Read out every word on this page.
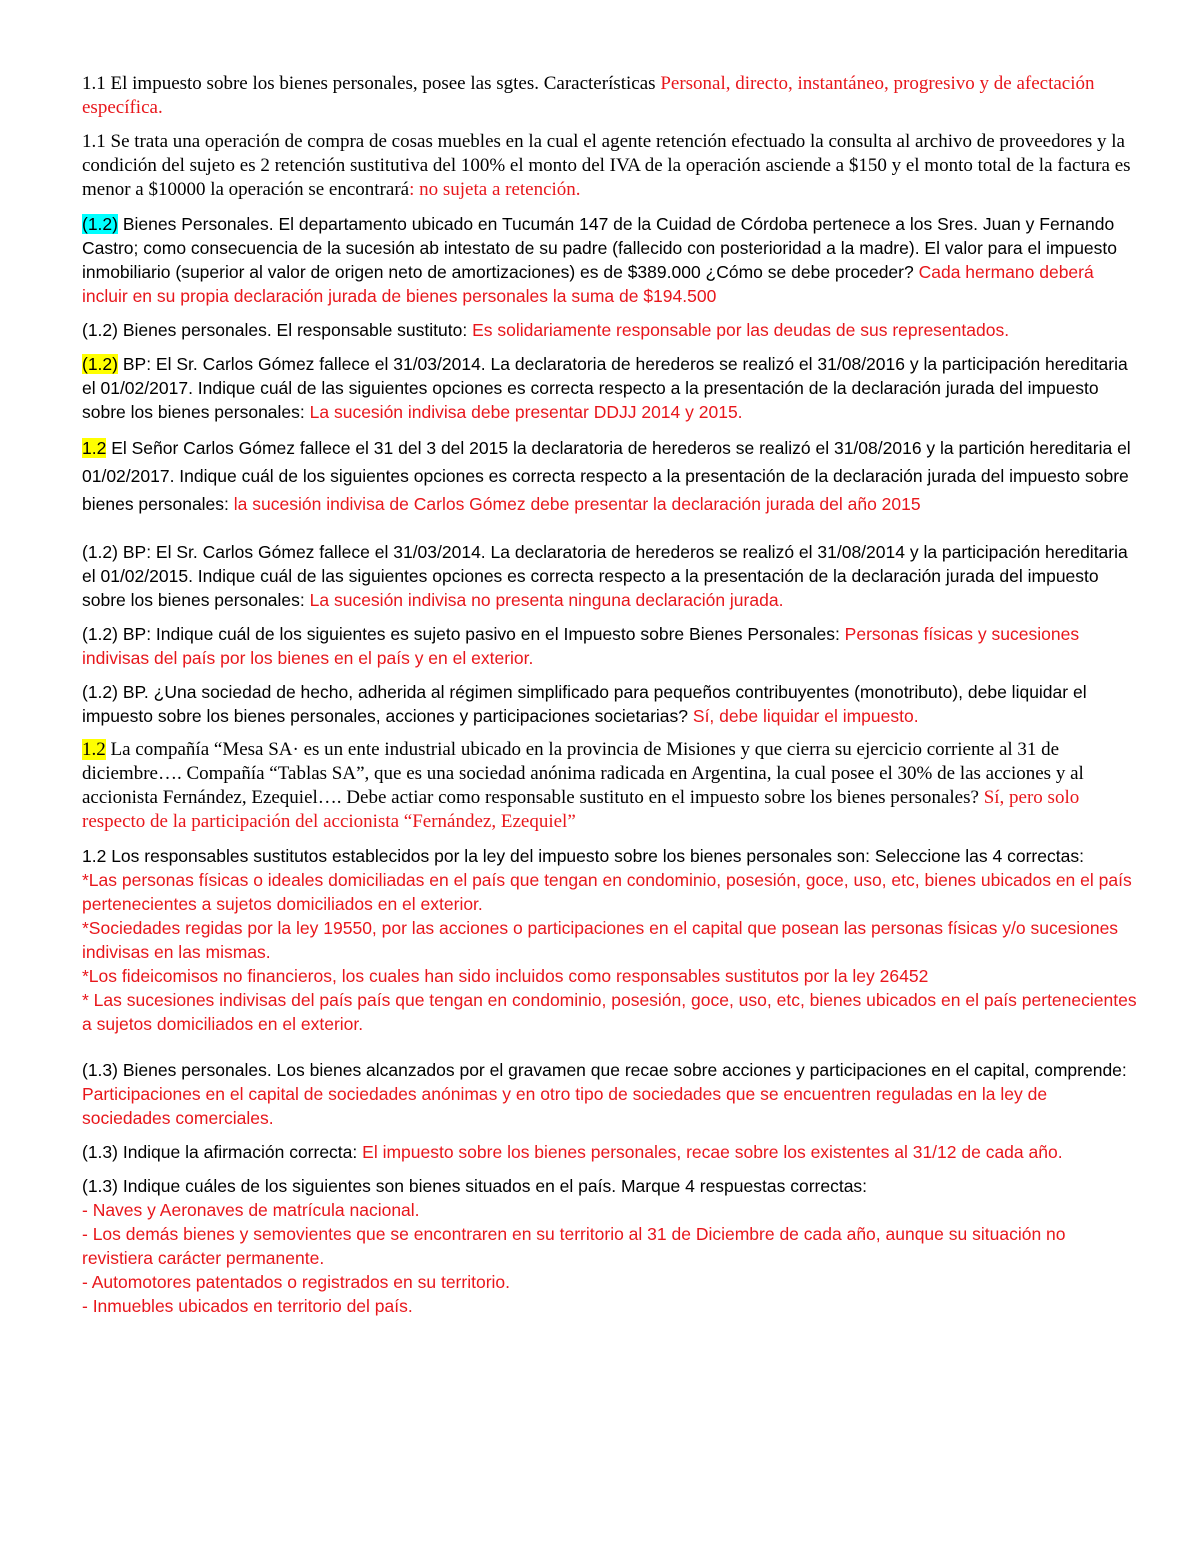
1.1 El impuesto sobre los bienes personales, posee las sgtes. Características Personal, directo, instantáneo, progresivo y de afectación específica.

1.1 Se trata una operación de compra de cosas muebles en la cual el agente retención efectuado la consulta al archivo de proveedores y la condición del sujeto es 2 retención sustitutiva del 100% el monto del IVA de la operación asciende a $150 y el monto total de la factura es menor a $10000 la operación se encontrará: no sujeta a retención.

(1.2) Bienes Personales. El departamento ubicado en Tucumán 147 de la Cuidad de Córdoba pertenece a los Sres. Juan y Fernando Castro; como consecuencia de la sucesión ab intestato de su padre (fallecido con posterioridad a la madre). El valor para el impuesto inmobiliario (superior al valor de origen neto de amortizaciones) es de $389.000 ¿Cómo se debe proceder? Cada hermano deberá incluir en su propia declaración jurada de bienes personales la suma de $194.500

(1.2) Bienes personales. El responsable sustituto: Es solidariamente responsable por las deudas de sus representados.

(1.2) BP: El Sr. Carlos Gómez fallece el 31/03/2014. La declaratoria de herederos se realizó el 31/08/2016 y la participación hereditaria el 01/02/2017. Indique cuál de las siguientes opciones es correcta respecto a la presentación de la declaración jurada del impuesto sobre los bienes personales: La sucesión indivisa debe presentar DDJJ 2014 y 2015.

1.2 El Señor Carlos Gómez fallece el 31 del 3 del 2015 la declaratoria de herederos se realizó el 31/08/2016 y la partición hereditaria el 01/02/2017. Indique cuál de los siguientes opciones es correcta respecto a la presentación de la declaración jurada del impuesto sobre bienes personales: la sucesión indivisa de Carlos Gómez debe presentar la declaración jurada del año 2015

(1.2) BP: El Sr. Carlos Gómez fallece el 31/03/2014. La declaratoria de herederos se realizó el 31/08/2014 y la participación hereditaria el 01/02/2015. Indique cuál de las siguientes opciones es correcta respecto a la presentación de la declaración jurada del impuesto sobre los bienes personales: La sucesión indivisa no presenta ninguna declaración jurada.

(1.2) BP: Indique cuál de los siguientes es sujeto pasivo en el Impuesto sobre Bienes Personales: Personas físicas y sucesiones indivisas del país por los bienes en el país y en el exterior.

(1.2) BP. ¿Una sociedad de hecho, adherida al régimen simplificado para pequeños contribuyentes (monotributo), debe liquidar el impuesto sobre los bienes personales, acciones y participaciones societarias? Sí, debe liquidar el impuesto.

1.2 La compañía “Mesa SA· es un ente industrial ubicado en la provincia de Misiones y que cierra su ejercicio corriente al 31 de diciembre…. Compañía “Tablas SA”, que es una sociedad anónima radicada en Argentina, la cual posee el 30% de las acciones y al accionista Fernández, Ezequiel…. Debe actiar como responsable sustituto en el impuesto sobre los bienes personales? Sí, pero solo respecto de la participación del accionista “Fernández, Ezequiel”

1.2 Los responsables sustitutos establecidos por la ley del impuesto sobre los bienes personales son: Seleccione las 4 correctas:
*Las personas físicas o ideales domiciliadas en el país que tengan en condominio, posesión, goce, uso, etc, bienes ubicados en el país pertenecientes a sujetos domiciliados en el exterior.
*Sociedades regidas por la ley 19550, por las acciones o participaciones en el capital que posean las personas físicas y/o sucesiones indivisas en las mismas.
*Los fideicomisos no financieros, los cuales han sido incluidos como responsables sustitutos por la ley 26452
* Las sucesiones indivisas del país país que tengan en condominio, posesión, goce, uso, etc, bienes ubicados en el país pertenecientes a sujetos domiciliados en el exterior.

(1.3) Bienes personales. Los bienes alcanzados por el gravamen que recae sobre acciones y participaciones en el capital, comprende: Participaciones en el capital de sociedades anónimas y en otro tipo de sociedades que se encuentren reguladas en la ley de sociedades comerciales.

(1.3) Indique la afirmación correcta: El impuesto sobre los bienes personales, recae sobre los existentes al 31/12 de cada año.

(1.3) Indique cuáles de los siguientes son bienes situados en el país. Marque 4 respuestas correctas:
- Naves y Aeronaves de matrícula nacional.
- Los demás bienes y semovientes que se encontraren en su territorio al 31 de Diciembre de cada año, aunque su situación no revistiera carácter permanente.
- Automotores patentados o registrados en su territorio.
- Inmuebles ubicados en territorio del país.
